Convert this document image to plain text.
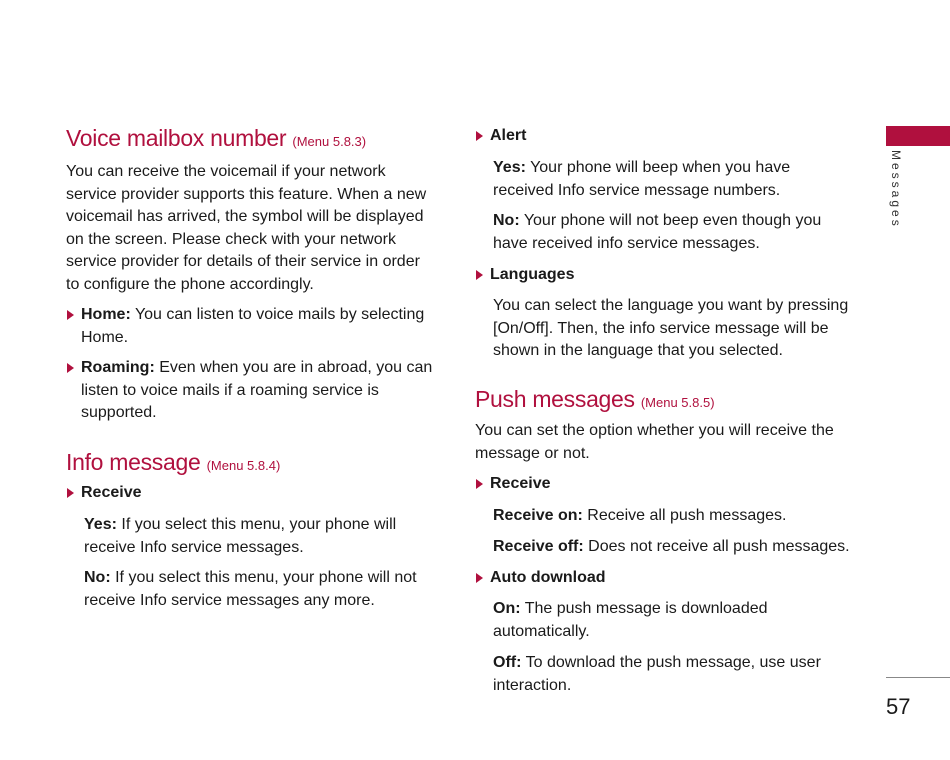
Voice mailbox number (Menu 5.8.3)

You can receive the voicemail if your network service provider supports this feature. When a new voicemail has arrived, the symbol will be displayed on the screen. Please check with your network service provider for details of their service in order to configure the phone accordingly.

Home: You can listen to voice mails by selecting Home.

Roaming: Even when you are in abroad, you can listen to voice mails if a roaming service is supported.

Info message (Menu 5.8.4)

Receive

Yes: If you select this menu, your phone will receive Info service messages.

No: If you select this menu, your phone will not receive Info service messages any more.

Alert

Yes: Your phone will beep when you have received Info service message numbers.

No: Your phone will not beep even though you have received info service messages.

Languages

You can select the language you want by pressing [On/Off]. Then, the info service message will be shown in the language that you selected.

Push messages (Menu 5.8.5)

You can set the option whether you will receive the message or not.

Receive

Receive on: Receive all push messages.

Receive off: Does not receive all push messages.

Auto download

On: The push message is downloaded automatically.

Off: To download the push message, use user interaction.

Messages
57
